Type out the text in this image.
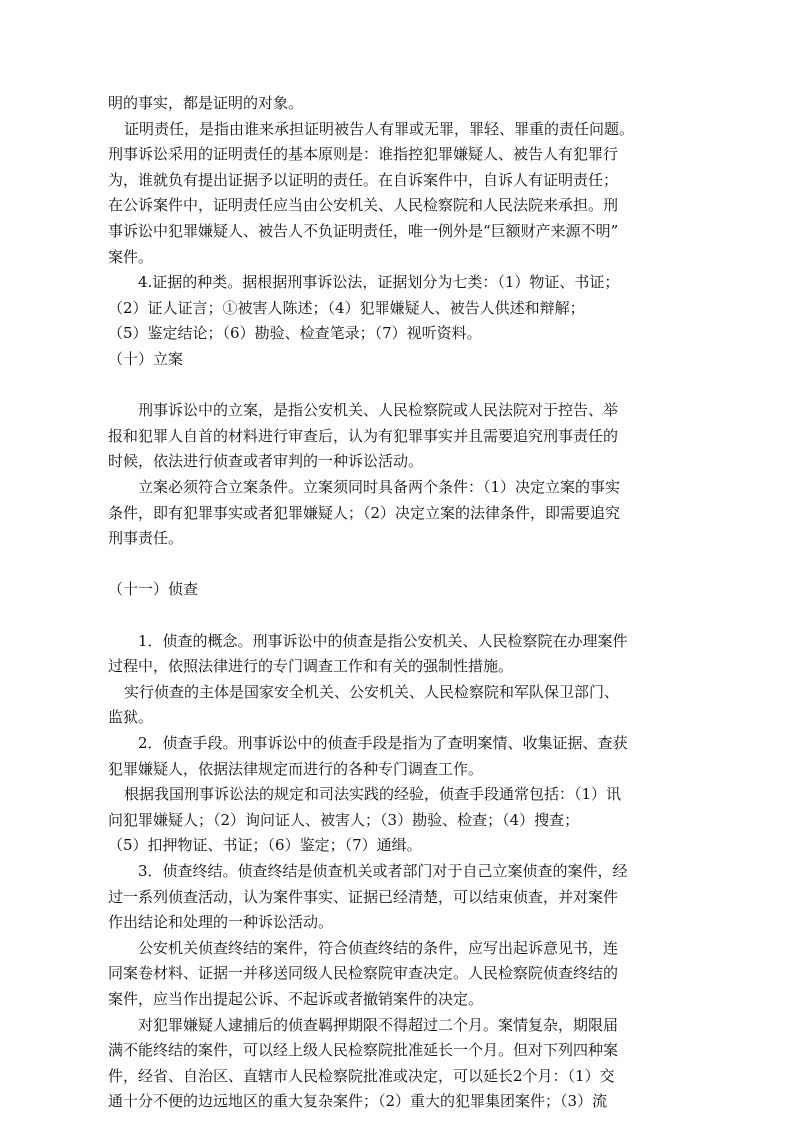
明的事实，都是证明的对象。
证明责任，是指由谁来承担证明被告人有罪或无罪，罪轻、罪重的责任问题。
刑事诉讼采用的证明责任的基本原则是：谁指控犯罪嫌疑人、被告人有犯罪行
为，谁就负有提出证据予以证明的责任。在自诉案件中，自诉人有证明责任；
在公诉案件中，证明责任应当由公安机关、人民检察院和人民法院来承担。刑
事诉讼中犯罪嫌疑人、被告人不负证明责任，唯一例外是“巨额财产来源不明”
案件。
4.证据的种类。据根据刑事诉讼法，证据划分为七类：（1）物证、书证；
（2）证人证言；①被害人陈述；（4）犯罪嫌疑人、被告人供述和辩解；
（5）鉴定结论；（6）勘验、检查笔录；（7）视听资料。
（十）立案
刑事诉讼中的立案，是指公安机关、人民检察院或人民法院对于控告、举
报和犯罪人自首的材料进行审查后，认为有犯罪事实并且需要追究刑事责任的
时候，依法进行侦查或者审判的一种诉讼活动。
立案必须符合立案条件。立案须同时具备两个条件：（1）决定立案的事实
条件，即有犯罪事实或者犯罪嫌疑人；（2）决定立案的法律条件，即需要追究
刑事责任。
（十一）侦查
1．侦查的概念。刑事诉讼中的侦查是指公安机关、人民检察院在办理案件
过程中，依照法律进行的专门调查工作和有关的强制性措施。
实行侦查的主体是国家安全机关、公安机关、人民检察院和军队保卫部门、
监狱。
2．侦查手段。刑事诉讼中的侦查手段是指为了查明案情、收集证据、查获
犯罪嫌疑人，依据法律规定而进行的各种专门调查工作。
根据我国刑事诉讼法的规定和司法实践的经验，侦查手段通常包括：（1）讯
问犯罪嫌疑人；（2）询问证人、被害人；（3）勘验、检查；（4）搜查；
（5）扣押物证、书证；（6）鉴定；（7）通缉。
3．侦查终结。侦查终结是侦查机关或者部门对于自己立案侦查的案件，经
过一系列侦查活动，认为案件事实、证据已经清楚，可以结束侦查，并对案件
作出结论和处理的一种诉讼活动。
公安机关侦查终结的案件，符合侦查终结的条件，应写出起诉意见书，连
同案卷材料、证据一并移送同级人民检察院审查决定。人民检察院侦查终结的
案件，应当作出提起公诉、不起诉或者撤销案件的决定。
对犯罪嫌疑人逮捕后的侦查羁押期限不得超过二个月。案情复杂，期限届
满不能终结的案件，可以经上级人民检察院批准延长一个月。但对下列四种案
件，经省、自治区、直辖市人民检察院批准或决定，可以延长2个月：（1）交
通十分不便的边远地区的重大复杂案件；（2）重大的犯罪集团案件；（3）流
